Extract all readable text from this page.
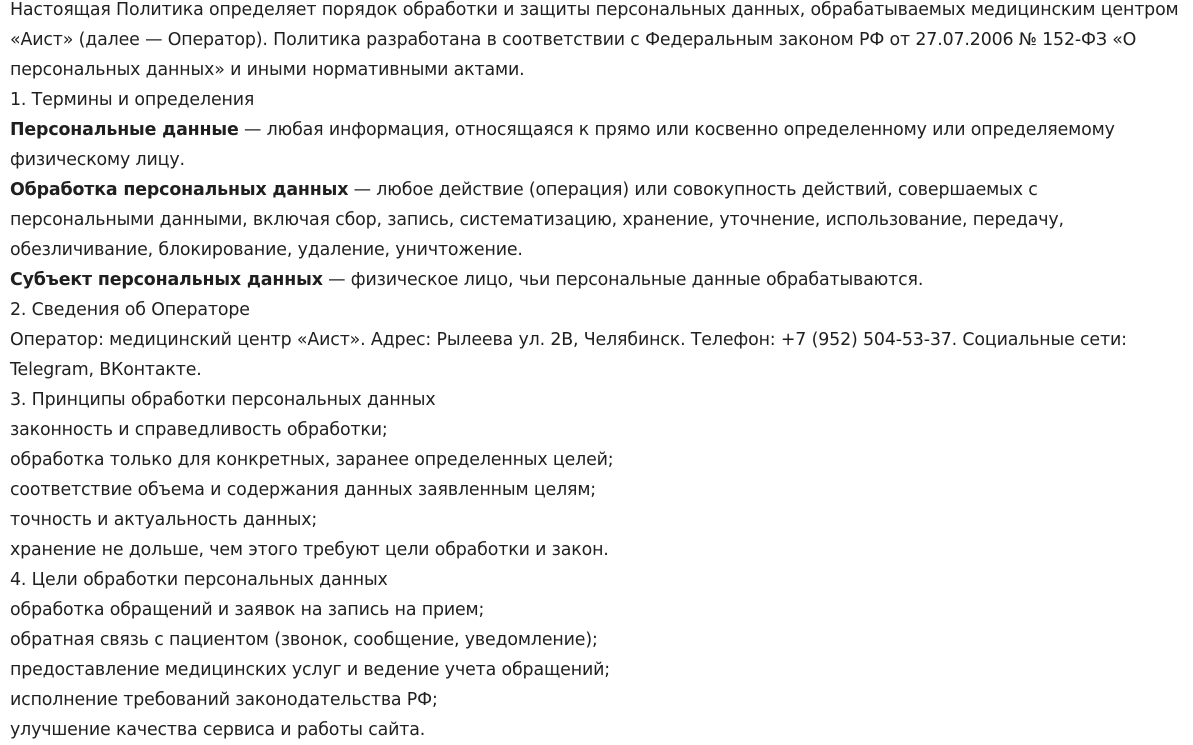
Настоящая Политика определяет порядок обработки и защиты персональных данных, обрабатываемых медицинским центром «Аист» (далее — Оператор). Политика разработана в соответствии с Федеральным законом РФ от 27.07.2006 № 152-ФЗ «О персональных данных» и иными нормативными актами.

1. Термины и определения

Персональные данные — любая информация, относящаяся к прямо или косвенно определенному или определяемому физическому лицу.

Обработка персональных данных — любое действие (операция) или совокупность действий, совершаемых с персональными данными, включая сбор, запись, систематизацию, хранение, уточнение, использование, передачу, обезличивание, блокирование, удаление, уничтожение.

Субъект персональных данных — физическое лицо, чьи персональные данные обрабатываются.

2. Сведения об Операторе

Оператор: медицинский центр «Аист». Адрес: Рылеева ул. 2В, Челябинск. Телефон: +7 (952) 504-53-37. Социальные сети: Telegram, ВКонтакте.

3. Принципы обработки персональных данных

законность и справедливость обработки;

обработка только для конкретных, заранее определенных целей;

соответствие объема и содержания данных заявленным целям;

точность и актуальность данных;

хранение не дольше, чем этого требуют цели обработки и закон.

4. Цели обработки персональных данных

обработка обращений и заявок на запись на прием;

обратная связь с пациентом (звонок, сообщение, уведомление);

предоставление медицинских услуг и ведение учета обращений;

исполнение требований законодательства РФ;

улучшение качества сервиса и работы сайта.
